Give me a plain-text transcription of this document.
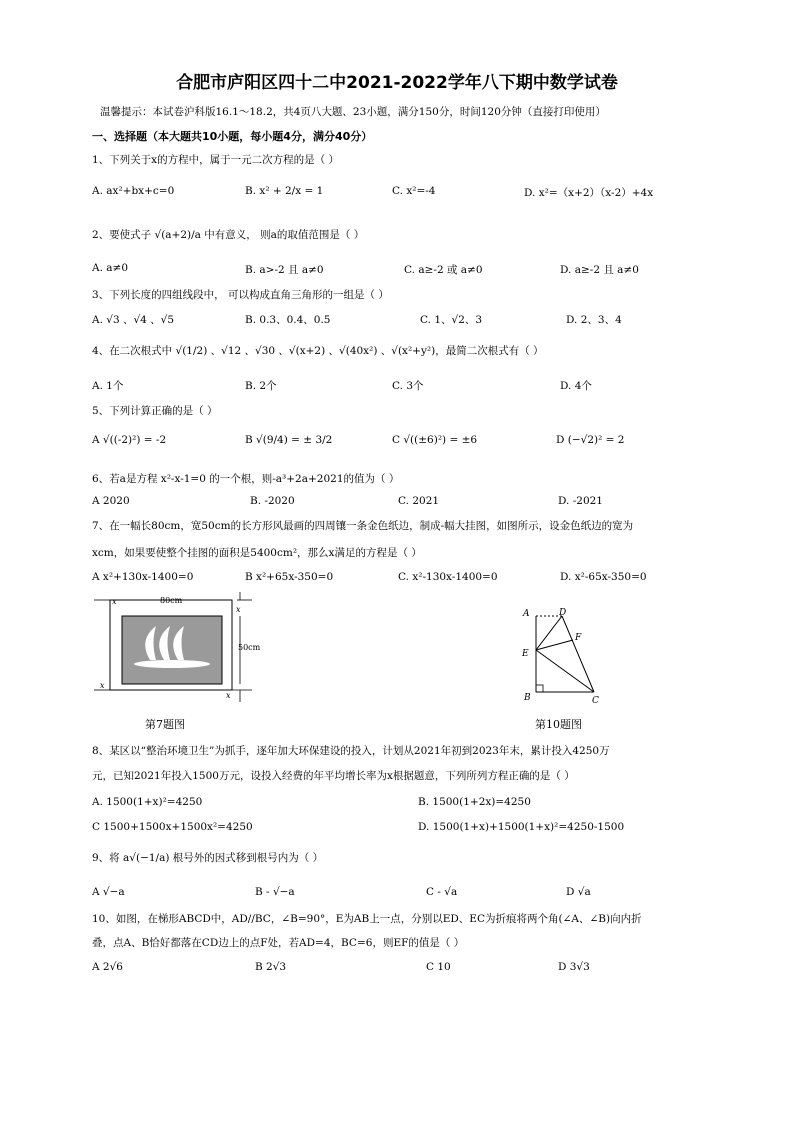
合肥市庐阳区四十二中2021-2022学年八下期中数学试卷
温馨提示：本试卷沪科版16.1～18.2，共4页八大题、23小题，满分150分，时间120分钟（直接打印使用）
一、选择题（本大题共10小题，每小题4分，满分40分）
1、下列关于x的方程中，属于一元二次方程的是（ ）
A. ax²+bx+c=0	B. x² + 2/x = 1	C. x²=-4	D. x²=（x+2）（x-2）+4x
2、要使式子 √(a+2)/a 中有意义， 则a的取值范围是（ ）
A. a≠0	B. a>-2 且 a≠0	C. a≥-2 或 a≠0	D. a≥-2 且 a≠0
3、下列长度的四组线段中， 可以构成直角三角形的一组是（ ）
A. √3 、√4 、√5	B. 0.3、0.4、0.5	C. 1、√2、3	D. 2、3、4
4、在二次根式中 √(1/2) 、√12 、√30 、√(x+2) 、√(40x²) 、√(x²+y²)，最简二次根式有（ ）
A. 1个	B. 2个	C. 3个	D. 4个
5、下列计算正确的是（ ）
A √((-2)²) = -2	B √(9/4) = ± 3/2	C √((±6)²) = ±6	D (−√2)² = 2
6、若a是方程 x²-x-1=0 的一个根，则-a³+2a+2021的值为（ ）
A 2020	B. -2020	C. 2021	D. -2021
7、在一幅长80cm，宽50cm的长方形风最画的四周镶一条金色纸边，制成-幅大挂图，如图所示，设金色纸边的宽为
xcm，如果要使整个挂图的面积是5400cm²，那么x满足的方程是（ ）
A x²+130x-1400=0	B x²+65x-350=0	C. x²-130x-1400=0	D. x²-65x-350=0
x	80cm
50cm
x
x
x
第7题图
A	D
F
E
B	C
第10题图
8、某区以“整治环境卫生”为抓手，逐年加大环保建设的投入，计划从2021年初到2023年末，累计投入4250万
元，已知2021年投入1500万元，设投入经费的年平均增长率为x根据题意，下列所列方程正确的是（ ）
A. 1500(1+x)²=4250	B. 1500(1+2x)=4250
C 1500+1500x+1500x²=4250	D. 1500(1+x)+1500(1+x)²=4250-1500
9、将 a√(−1/a) 根号外的因式移到根号内为（ ）
A √−a	B - √−a	C - √a	D √a
10、如图，在梯形ABCD中，AD//BC，∠B=90°，E为AB上一点，分别以ED、EC为折痕将两个角(∠A、∠B)向内折
叠，点A、B恰好都落在CD边上的点F处，若AD=4，BC=6，则EF的值是（ ）
A 2√6	B 2√3	C 10	D 3√3
